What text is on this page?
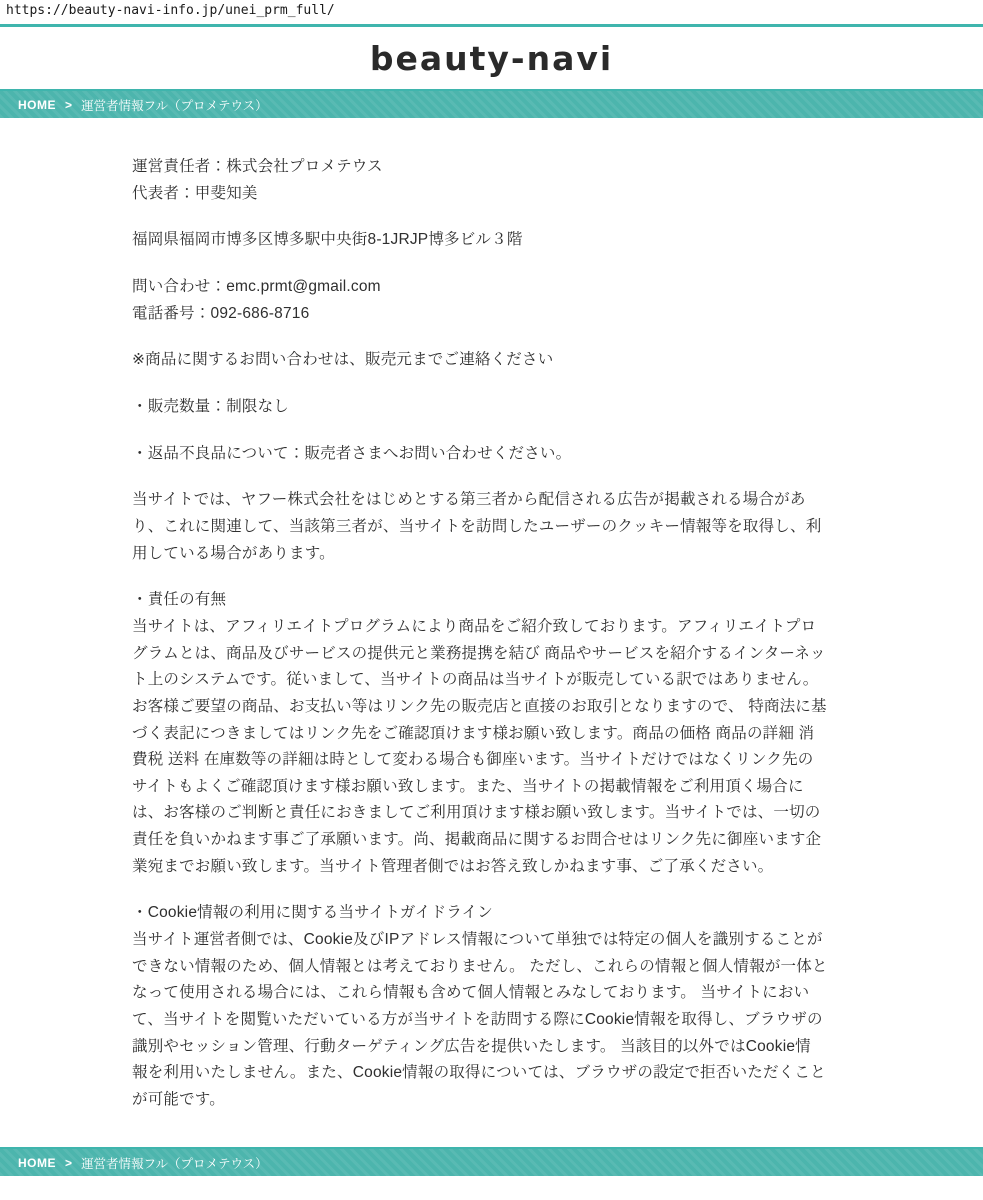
https://beauty-navi-info.jp/unei_prm_full/
beauty-navi
HOME > 運営者情報フル（プロメテウス）

運営責任者：株式会社プロメテウス
代表者：甲斐知美

福岡県福岡市博多区博多駅中央街8-1JRJP博多ビル３階

問い合わせ：emc.prmt@gmail.com
電話番号：092-686-8716

※商品に関するお問い合わせは、販売元までご連絡ください

・販売数量：制限なし

・返品不良品について：販売者さまへお問い合わせください。

当サイトでは、ヤフー株式会社をはじめとする第三者から配信される広告が掲載される場合があ
り、これに関連して、当該第三者が、当サイトを訪問したユーザーのクッキー情報等を取得し、利
用している場合があります。

・責任の有無
当サイトは、アフィリエイトプログラムにより商品をご紹介致しております。アフィリエイトプロ
グラムとは、商品及びサービスの提供元と業務提携を結び 商品やサービスを紹介するインターネッ
ト上のシステムです。従いまして、当サイトの商品は当サイトが販売している訳ではありません。
お客様ご要望の商品、お支払い等はリンク先の販売店と直接のお取引となりますので、 特商法に基
づく表記につきましてはリンク先をご確認頂けます様お願い致します。商品の価格 商品の詳細 消
費税 送料 在庫数等の詳細は時として変わる場合も御座います。当サイトだけではなくリンク先の
サイトもよくご確認頂けます様お願い致します。また、当サイトの掲載情報をご利用頂く場合に
は、お客様のご判断と責任におきましてご利用頂けます様お願い致します。当サイトでは、一切の
責任を負いかねます事ご了承願います。尚、掲載商品に関するお問合せはリンク先に御座います企
業宛までお願い致します。当サイト管理者側ではお答え致しかねます事、ご了承ください。

・Cookie情報の利用に関する当サイトガイドライン
当サイト運営者側では、Cookie及びIPアドレス情報について単独では特定の個人を識別することが
できない情報のため、個人情報とは考えておりません。 ただし、これらの情報と個人情報が一体と
なって使用される場合には、これら情報も含めて個人情報とみなしております。 当サイトにおい
て、当サイトを閲覧いただいている方が当サイトを訪問する際にCookie情報を取得し、ブラウザの
識別やセッション管理、行動ターゲティング広告を提供いたします。 当該目的以外ではCookie情
報を利用いたしません。また、Cookie情報の取得については、ブラウザの設定で拒否いただくこと
が可能です。

HOME > 運営者情報フル（プロメテウス）
